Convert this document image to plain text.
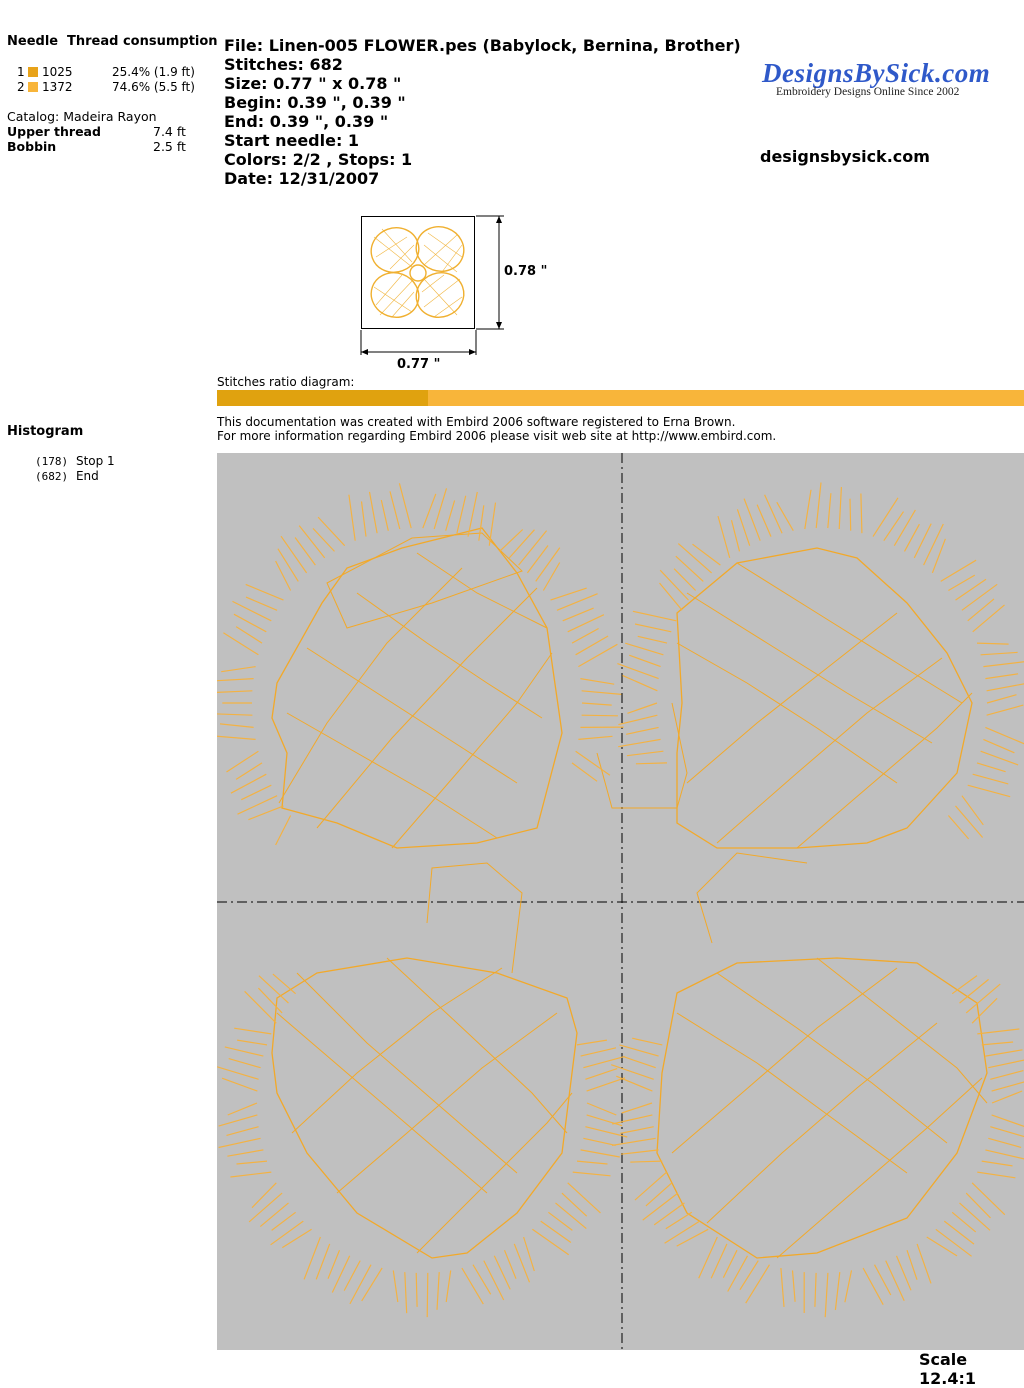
Needle Thread consumption
1 1025	25.4% (1.9 ft)
2 1372	74.6% (5.5 ft)
Catalog: Madeira Rayon
Upper thread	7.4 ft
Bobbin	2.5 ft
Histogram
(178) Stop 1
(682) End
File: Linen-005 FLOWER.pes (Babylock, Bernina, Brother)
Stitches: 682
Size: 0.77 " x 0.78 "
Begin: 0.39 ", 0.39 "
End: 0.39 ", 0.39 "
Start needle: 1
Colors: 2/2 , Stops: 1
Date: 12/31/2007
DesignsBySick.com
Embroidery Designs Online Since 2002
designsbysick.com
0.78 "
0.77 "
Stitches ratio diagram:
This documentation was created with Embird 2006 software registered to Erna Brown.
For more information regarding Embird 2006 please visit web site at http://www.embird.com.
Scale 12.4:1
